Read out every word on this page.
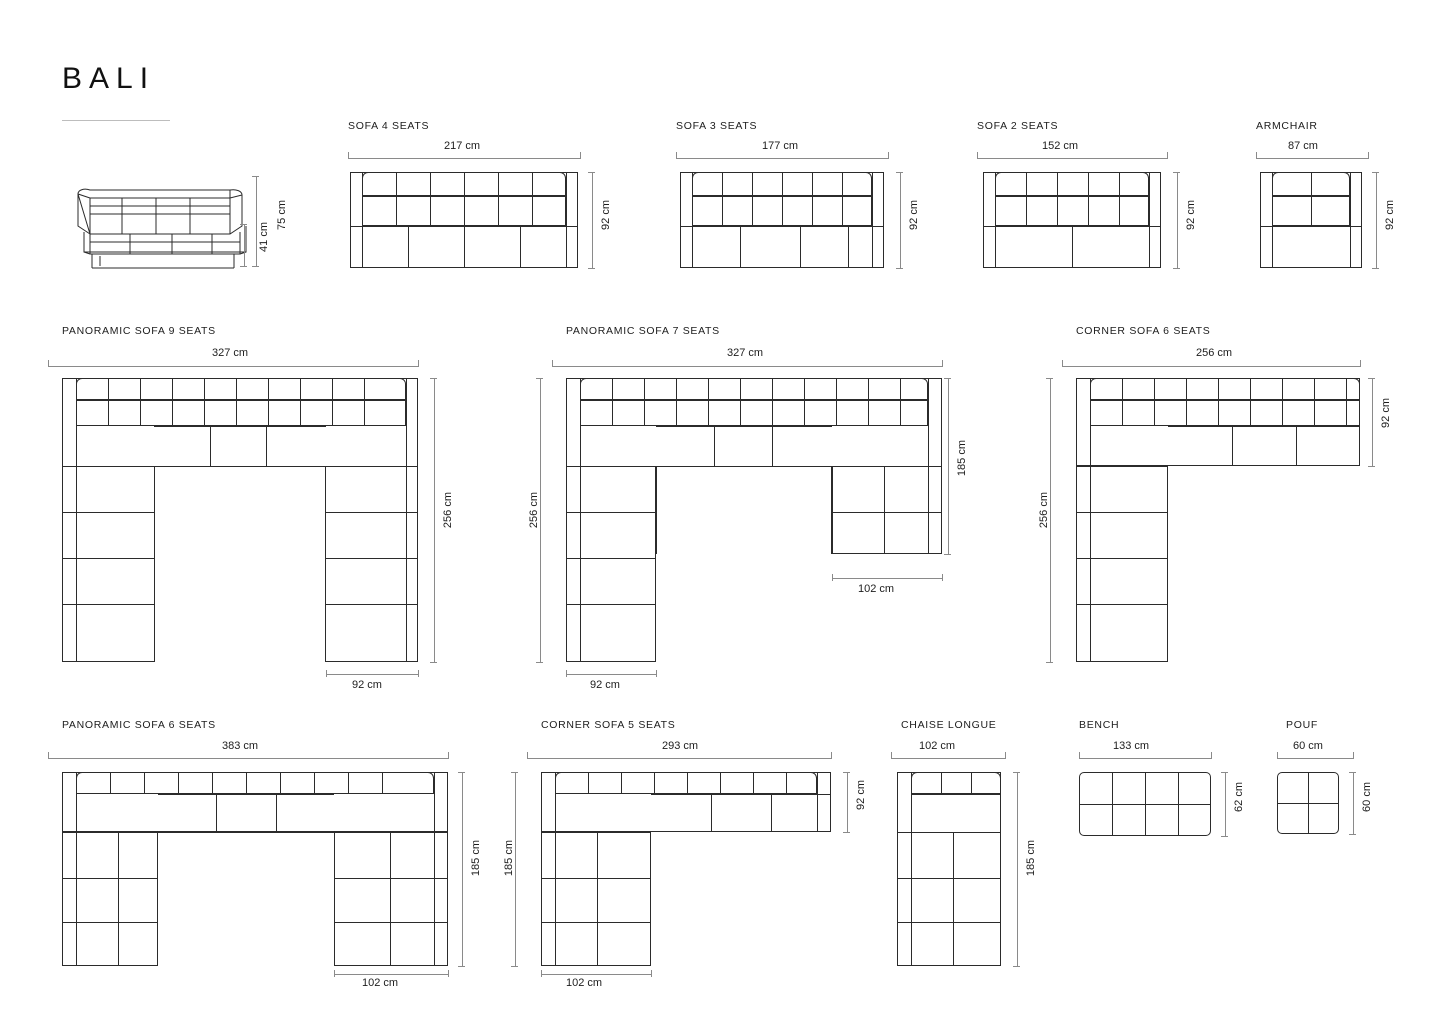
BALI
75 cm
41 cm
SOFA 4 SEATS
217 cm
92 cm
SOFA 3 SEATS
177 cm
92 cm
SOFA 2 SEATS
152 cm
92 cm
ARMCHAIR
87 cm
92 cm
PANORAMIC SOFA 9 SEATS
327 cm
256 cm
92 cm
PANORAMIC SOFA 7 SEATS
327 cm
256 cm
185 cm
102 cm
92 cm
CORNER SOFA 6 SEATS
256 cm
92 cm
256 cm
PANORAMIC SOFA 6 SEATS
383 cm
185 cm
102 cm
CORNER SOFA 5 SEATS
293 cm
185 cm
92 cm
102 cm
CHAISE LONGUE
102 cm
185 cm
BENCH
133 cm
62 cm
POUF
60 cm
60 cm
